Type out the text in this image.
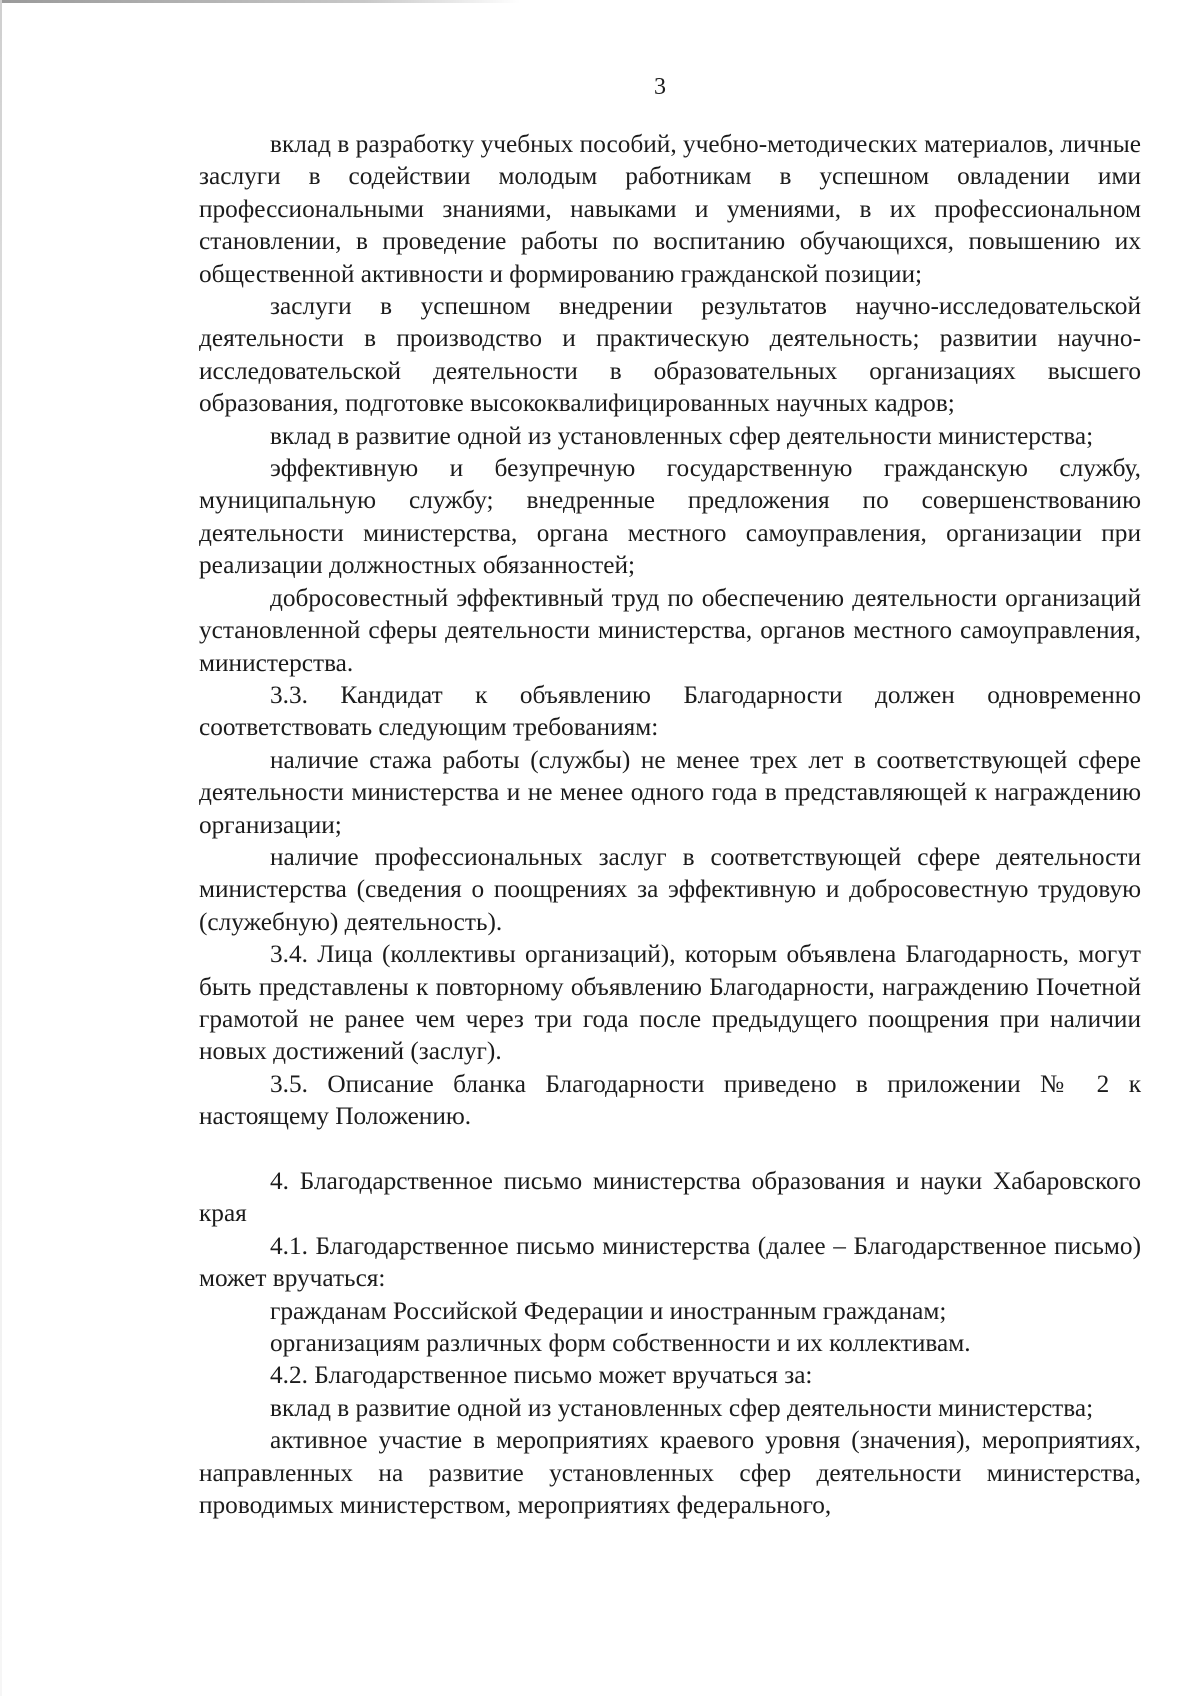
3

вклад в разработку учебных пособий, учебно-методических материалов, личные заслуги в содействии молодым работникам в успешном овладении ими профессиональными знаниями, навыками и умениями, в их профессиональном становлении, в проведение работы по воспитанию обучающихся, повышению их общественной активности и формированию гражданской позиции;

заслуги в успешном внедрении результатов научно-исследовательской деятельности в производство и практическую деятельность; развитии научно-исследовательской деятельности в образовательных организациях высшего образования, подготовке высококвалифицированных научных кадров;

вклад в развитие одной из установленных сфер деятельности министерства;

эффективную и безупречную государственную гражданскую службу, муниципальную службу; внедренные предложения по совершенствованию деятельности министерства, органа местного самоуправления, организации при реализации должностных обязанностей;

добросовестный эффективный труд по обеспечению деятельности организаций установленной сферы деятельности министерства, органов местного самоуправления, министерства.

3.3. Кандидат к объявлению Благодарности должен одновременно соответствовать следующим требованиям:

наличие стажа работы (службы) не менее трех лет в соответствующей сфере деятельности министерства и не менее одного года в представляющей к награждению организации;

наличие профессиональных заслуг в соответствующей сфере деятельности министерства (сведения о поощрениях за эффективную и добросовестную трудовую (служебную) деятельность).

3.4. Лица (коллективы организаций), которым объявлена Благодарность, могут быть представлены к повторному объявлению Благодарности, награждению Почетной грамотой не ранее чем через три года после предыдущего поощрения при наличии новых достижений (заслуг).

3.5. Описание бланка Благодарности приведено в приложении № 2 к настоящему Положению.

4. Благодарственное письмо министерства образования и науки Хабаровского края

4.1. Благодарственное письмо министерства (далее – Благодарственное письмо) может вручаться:

гражданам Российской Федерации и иностранным гражданам;

организациям различных форм собственности и их коллективам.

4.2. Благодарственное письмо может вручаться за:

вклад в развитие одной из установленных сфер деятельности министерства;

активное участие в мероприятиях краевого уровня (значения), мероприятиях, направленных на развитие установленных сфер деятельности министерства, проводимых министерством, мероприятиях федерального,
